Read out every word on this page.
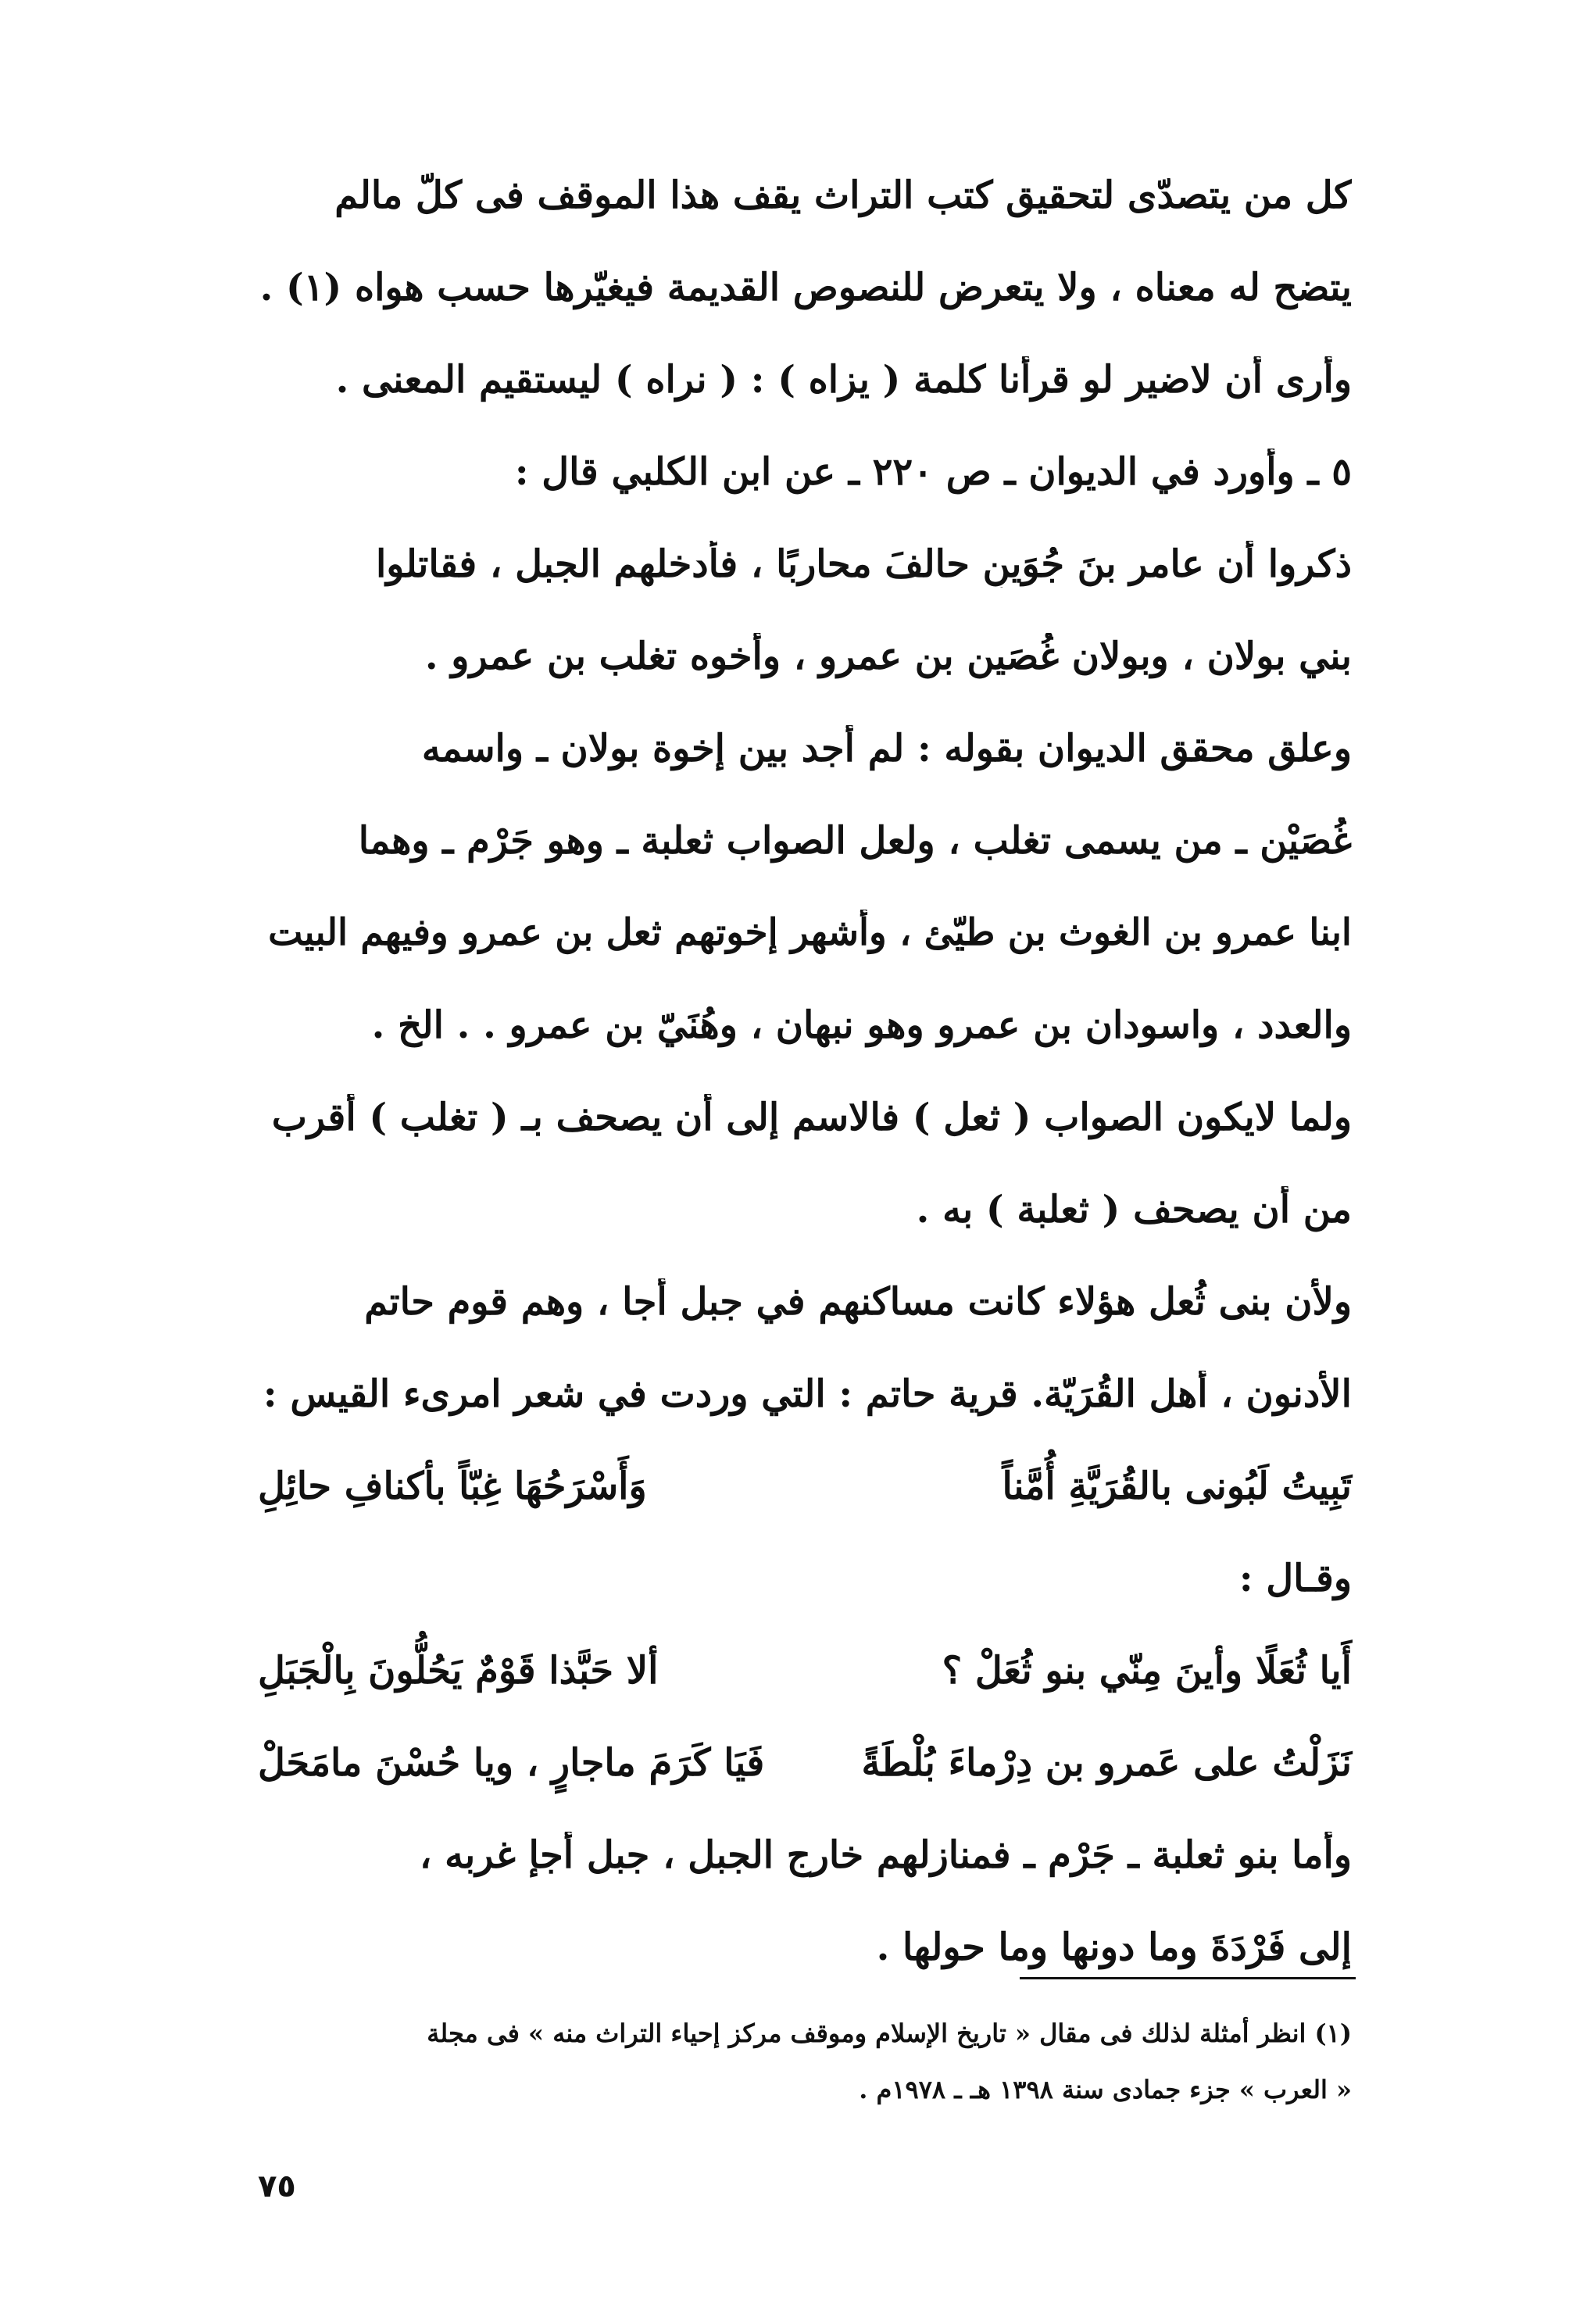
كل من يتصدّى لتحقيق كتب التراث يقف هذا الموقف فى كلّ مالم
يتضح له معناه ، ولا يتعرض للنصوص القديمة فيغيّرها حسب هواه (١) .
وأرى أن لاضير لو قرأنا كلمة ( يزاه ) : ( نراه ) ليستقيم المعنى .
٥ ـ وأورد في الديوان ـ ص ٢٢٠ ـ عن ابن الكلبي قال :
ذكروا أن عامر بنَ جُوَينٍ حالفَ محاربًا ، فأدخلهم الجبل ، فقاتلوا
بني بولان ، وبولان غُصَين بن عمرو ، وأخوه تغلب بن عمرو .
وعلق محقق الديوان بقوله : لم أجد بين إخوة بولان ـ واسمه
غُصَيْن ـ من يسمى تغلب ، ولعل الصواب ثعلبة ـ وهو جَرْم ـ وهما
ابنا عمرو بن الغوث بن طيّئ ، وأشهر إخوتهم ثعل بن عمرو وفيهم البيت
والعدد ، واسودان بن عمرو وهو نبهان ، وهُنَيّ بن عمرو . . الخ .
ولما لايكون الصواب ( ثعل ) فالاسم إلى أن يصحف بـ ( تغلب ) أقرب
من أن يصحف ( ثعلبة ) به .
ولأن بنى ثُعل هؤلاء كانت مساكنهم في جبل أجا ، وهم قوم حاتم
الأدنون ، أهل القُرَيّة. قرية حاتم : التي وردت في شعر امرىء القيس :
تَبِيتُ لَبُونى بالقُرَيَّةِ أُمَّناً
وَأَسْرَحُهَا غِبّاً بأكنافِ حائِلِ
وقـال :
أَيا ثُعَلًا وأينَ مِنّي بنو ثُعَلْ ؟
ألا حَبَّذا قَوْمٌ يَحُلُّونَ بِالْجَبَلِ
نَزَلْتُ على عَمرو بن دِرْماءَ بُلْطَةً
فَيَا كَرَمَ ماجارٍ ، ويا حُسْنَ مامَحَلْ
وأما بنو ثعلبة ـ جَرْم ـ فمنازلهم خارج الجبل ، جبل أجإ غربه ،
إلى فَرْدَةَ وما دونها وما حولها .
(١) انظر أمثلة لذلك فى مقال « تاريخ الإسلام وموقف مركز إحياء التراث منه » فى مجلة
« العرب » جزء جمادى سنة ١٣٩٨ هـ ـ ١٩٧٨م .
٧٥
